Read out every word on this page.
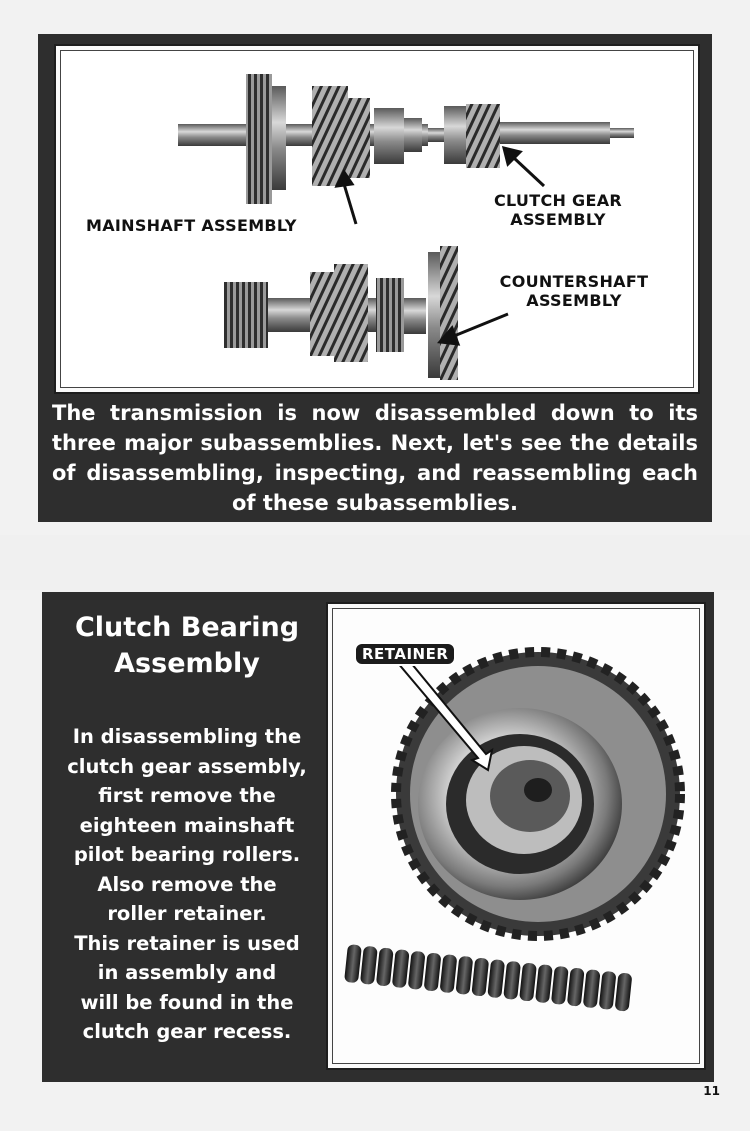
MAINSHAFT ASSEMBLY
CLUTCH GEAR
ASSEMBLY
COUNTERSHAFT
ASSEMBLY
The transmission is now disassembled down to its three major subassemblies. Next, let's see the details of disassembling, inspecting, and reassembling each of these subassemblies.
Clutch Bearing
Assembly
In disassembling the
clutch gear assembly,
first remove the
eighteen mainshaft
pilot bearing rollers.
Also remove the
roller retainer.
This retainer is used
in assembly and
will be found in the
clutch gear recess.
RETAINER
11
